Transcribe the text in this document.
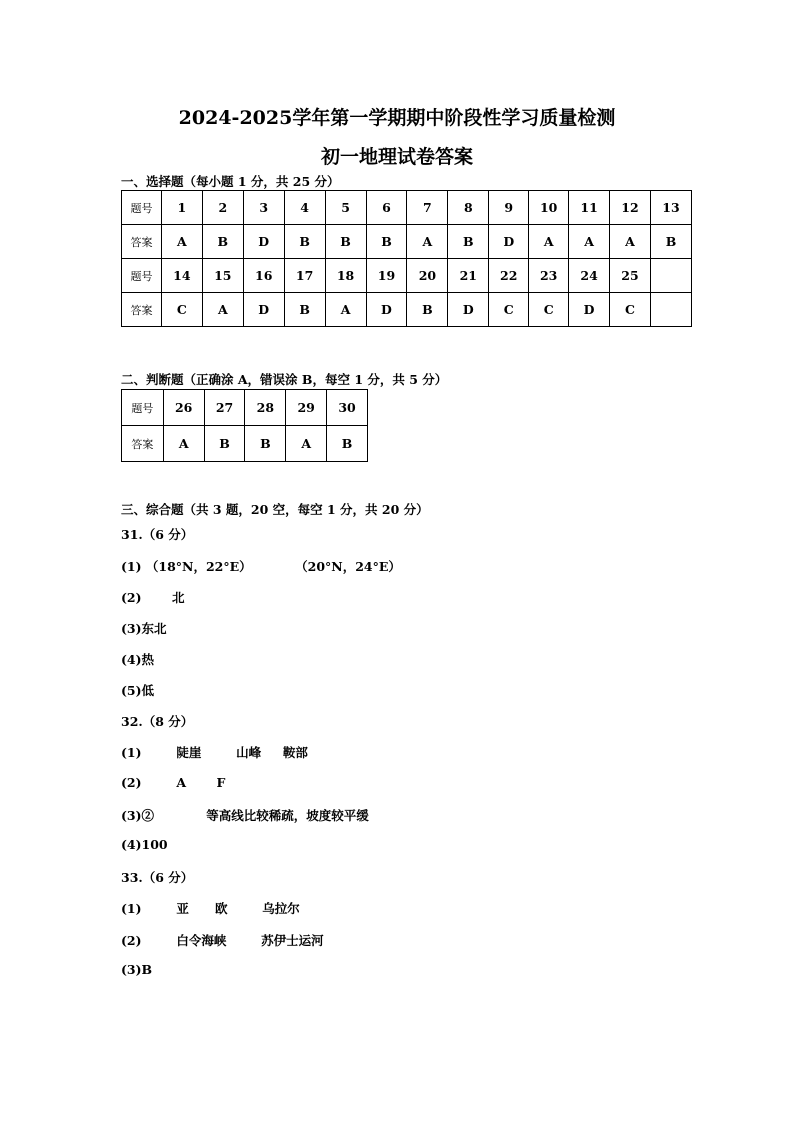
2024-2025学年第一学期期中阶段性学习质量检测
初一地理试卷答案
一、选择题（每小题 1 分，共 25 分）
题号	1	2	3	4	5	6	7	8	9	10	11	12	13
答案	A	B	D	B	B	B	A	B	D	A	A	A	B
题号	14	15	16	17	18	19	20	21	22	23	24	25	
答案	C	A	D	B	A	D	B	D	C	C	D	C	
二、判断题（正确涂 A，错误涂 B，每空 1 分，共 5 分）
题号	26	27	28	29	30
答案	A	B	B	A	B
三、综合题（共 3 题，20 空，每空 1 分，共 20 分）
31.（6 分）
(1) （18°N，22°E）          （20°N，24°E）
(2)       北
(3)东北
(4)热
(5)低
32.（8 分）
(1)        陡崖        山峰     鞍部
(2)        A       F
(3)②            等高线比较稀疏，坡度较平缓
(4)100
33.（6 分）
(1)        亚      欧        乌拉尔
(2)        白令海峡        苏伊士运河
(3)B
